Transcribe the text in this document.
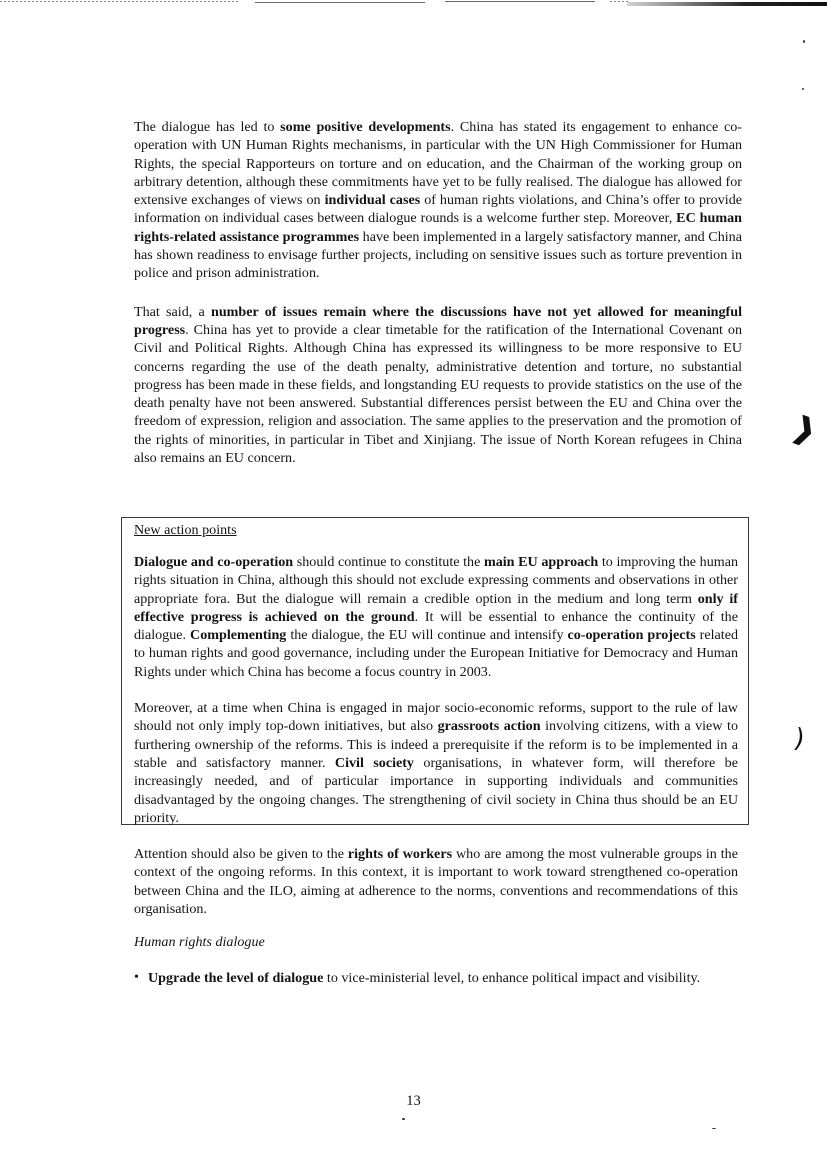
The dialogue has led to some positive developments. China has stated its engagement to enhance co-operation with UN Human Rights mechanisms, in particular with the UN High Commissioner for Human Rights, the special Rapporteurs on torture and on education, and the Chairman of the working group on arbitrary detention, although these commitments have yet to be fully realised. The dialogue has allowed for extensive exchanges of views on individual cases of human rights violations, and China’s offer to provide information on individual cases between dialogue rounds is a welcome further step. Moreover, EC human rights-related assistance programmes have been implemented in a largely satisfactory manner, and China has shown readiness to envisage further projects, including on sensitive issues such as torture prevention in police and prison administration.

That said, a number of issues remain where the discussions have not yet allowed for meaningful progress. China has yet to provide a clear timetable for the ratification of the International Covenant on Civil and Political Rights. Although China has expressed its willingness to be more responsive to EU concerns regarding the use of the death penalty, administrative detention and torture, no substantial progress has been made in these fields, and longstanding EU requests to provide statistics on the use of the death penalty have not been answered. Substantial differences persist between the EU and China over the freedom of expression, religion and association. The same applies to the preservation and the promotion of the rights of minorities, in particular in Tibet and Xinjiang. The issue of North Korean refugees in China also remains an EU concern.

New action points

Dialogue and co-operation should continue to constitute the main EU approach to improving the human rights situation in China, although this should not exclude expressing comments and observations in other appropriate fora. But the dialogue will remain a credible option in the medium and long term only if effective progress is achieved on the ground. It will be essential to enhance the continuity of the dialogue. Complementing the dialogue, the EU will continue and intensify co-operation projects related to human rights and good governance, including under the European Initiative for Democracy and Human Rights under which China has become a focus country in 2003.

Moreover, at a time when China is engaged in major socio-economic reforms, support to the rule of law should not only imply top-down initiatives, but also grassroots action involving citizens, with a view to furthering ownership of the reforms. This is indeed a prerequisite if the reform is to be implemented in a stable and satisfactory manner. Civil society organisations, in whatever form, will therefore be increasingly needed, and of particular importance in supporting individuals and communities disadvantaged by the ongoing changes. The strengthening of civil society in China thus should be an EU priority.

Attention should also be given to the rights of workers who are among the most vulnerable groups in the context of the ongoing reforms. In this context, it is important to work toward strengthened co-operation between China and the ILO, aiming at adherence to the norms, conventions and recommendations of this organisation.

Human rights dialogue
• Upgrade the level of dialogue to vice-ministerial level, to enhance political impact and visibility.

13
❱
)
